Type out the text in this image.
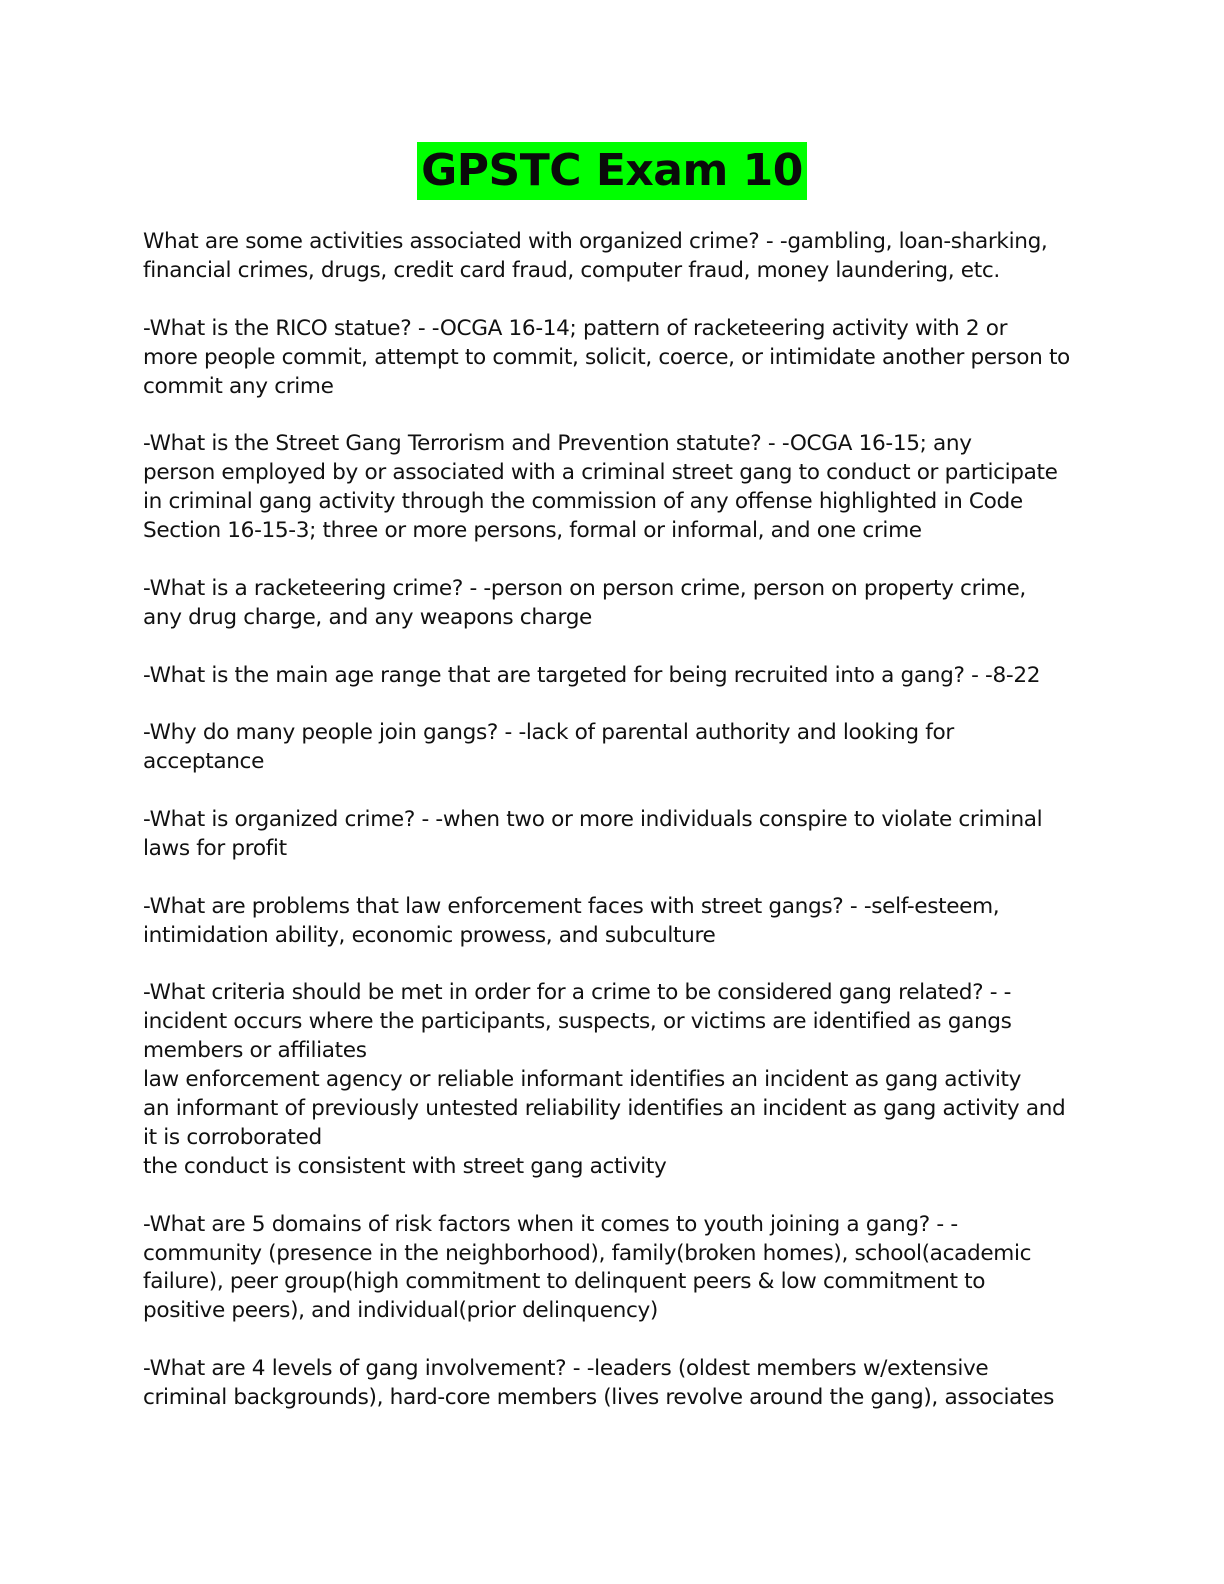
GPSTC Exam 10
What are some activities associated with organized crime? - -gambling, loan-sharking,
financial crimes, drugs, credit card fraud, computer fraud, money laundering, etc.
-What is the RICO statue? - -OCGA 16-14; pattern of racketeering activity with 2 or
more people commit, attempt to commit, solicit, coerce, or intimidate another person to
commit any crime
-What is the Street Gang Terrorism and Prevention statute? - -OCGA 16-15; any
person employed by or associated with a criminal street gang to conduct or participate
in criminal gang activity through the commission of any offense highlighted in Code
Section 16-15-3; three or more persons, formal or informal, and one crime
-What is a racketeering crime? - -person on person crime, person on property crime,
any drug charge, and any weapons charge
-What is the main age range that are targeted for being recruited into a gang? - -8-22
-Why do many people join gangs? - -lack of parental authority and looking for
acceptance
-What is organized crime? - -when two or more individuals conspire to violate criminal
laws for profit
-What are problems that law enforcement faces with street gangs? - -self-esteem,
intimidation ability, economic prowess, and subculture
-What criteria should be met in order for a crime to be considered gang related? - -
incident occurs where the participants, suspects, or victims are identified as gangs
members or affiliates
law enforcement agency or reliable informant identifies an incident as gang activity
an informant of previously untested reliability identifies an incident as gang activity and
it is corroborated
the conduct is consistent with street gang activity
-What are 5 domains of risk factors when it comes to youth joining a gang? - -
community (presence in the neighborhood), family(broken homes), school(academic
failure), peer group(high commitment to delinquent peers & low commitment to
positive peers), and individual(prior delinquency)
-What are 4 levels of gang involvement? - -leaders (oldest members w/extensive
criminal backgrounds), hard-core members (lives revolve around the gang), associates
